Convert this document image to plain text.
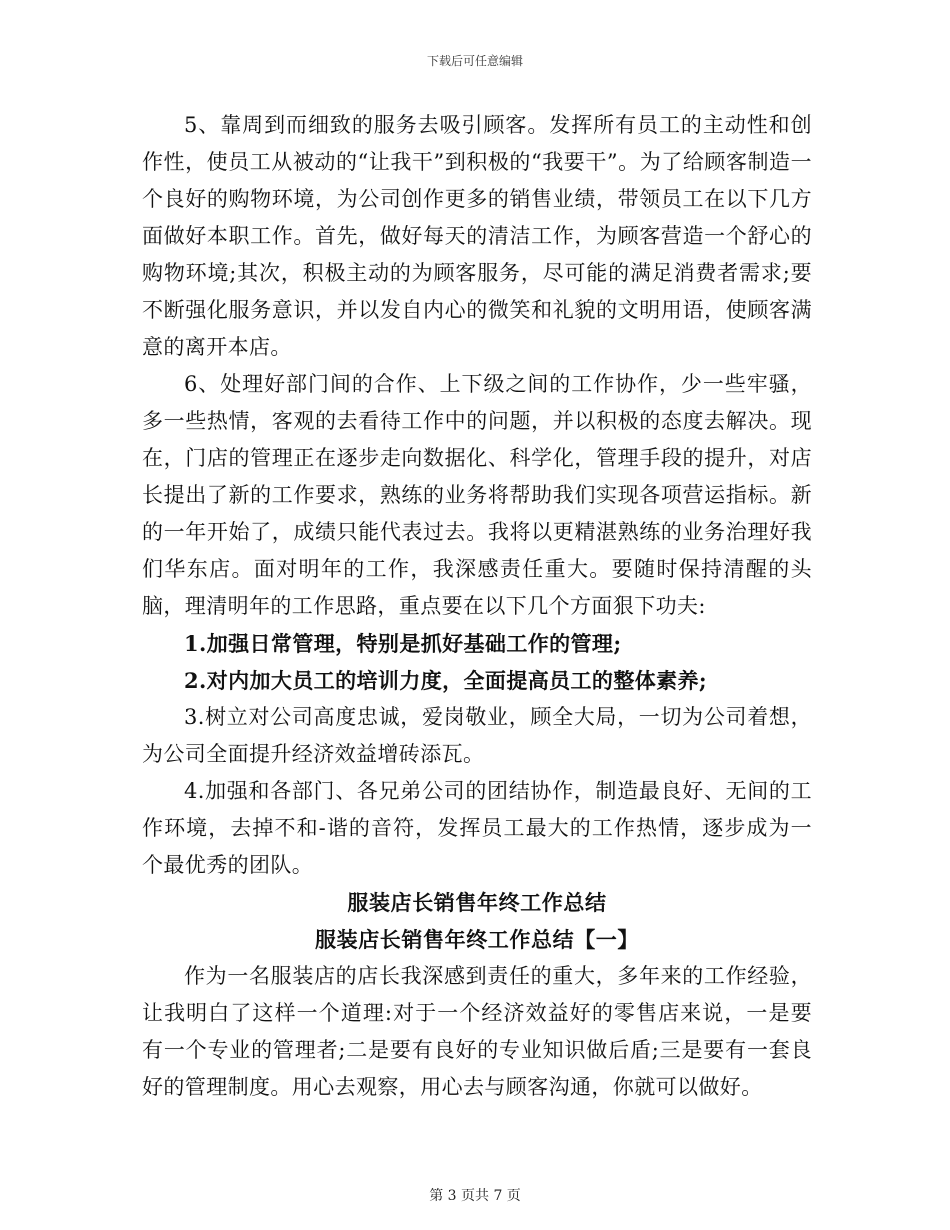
下载后可任意编辑

5、靠周到而细致的服务去吸引顾客。发挥所有员工的主动性和创作性，使员工从被动的“让我干”到积极的“我要干”。为了给顾客制造一个良好的购物环境，为公司创作更多的销售业绩，带领员工在以下几方面做好本职工作。首先，做好每天的清洁工作，为顾客营造一个舒心的购物环境;其次，积极主动的为顾客服务，尽可能的满足消费者需求;要不断强化服务意识，并以发自内心的微笑和礼貌的文明用语，使顾客满意的离开本店。

6、处理好部门间的合作、上下级之间的工作协作，少一些牢骚，多一些热情，客观的去看待工作中的问题，并以积极的态度去解决。现在，门店的管理正在逐步走向数据化、科学化，管理手段的提升，对店长提出了新的工作要求，熟练的业务将帮助我们实现各项营运指标。新的一年开始了，成绩只能代表过去。我将以更精湛熟练的业务治理好我们华东店。面对明年的工作，我深感责任重大。要随时保持清醒的头脑，理清明年的工作思路，重点要在以下几个方面狠下功夫:

1.加强日常管理，特别是抓好基础工作的管理;

2.对内加大员工的培训力度，全面提高员工的整体素养;

3.树立对公司高度忠诚，爱岗敬业，顾全大局，一切为公司着想，为公司全面提升经济效益增砖添瓦。

4.加强和各部门、各兄弟公司的团结协作，制造最良好、无间的工作环境，去掉不和-谐的音符，发挥员工最大的工作热情，逐步成为一个最优秀的团队。

服装店长销售年终工作总结

服装店长销售年终工作总结【一】

作为一名服装店的店长我深感到责任的重大，多年来的工作经验，让我明白了这样一个道理:对于一个经济效益好的零售店来说，一是要有一个专业的管理者;二是要有良好的专业知识做后盾;三是要有一套良好的管理制度。用心去观察，用心去与顾客沟通，你就可以做好。

第 3 页共 7 页
